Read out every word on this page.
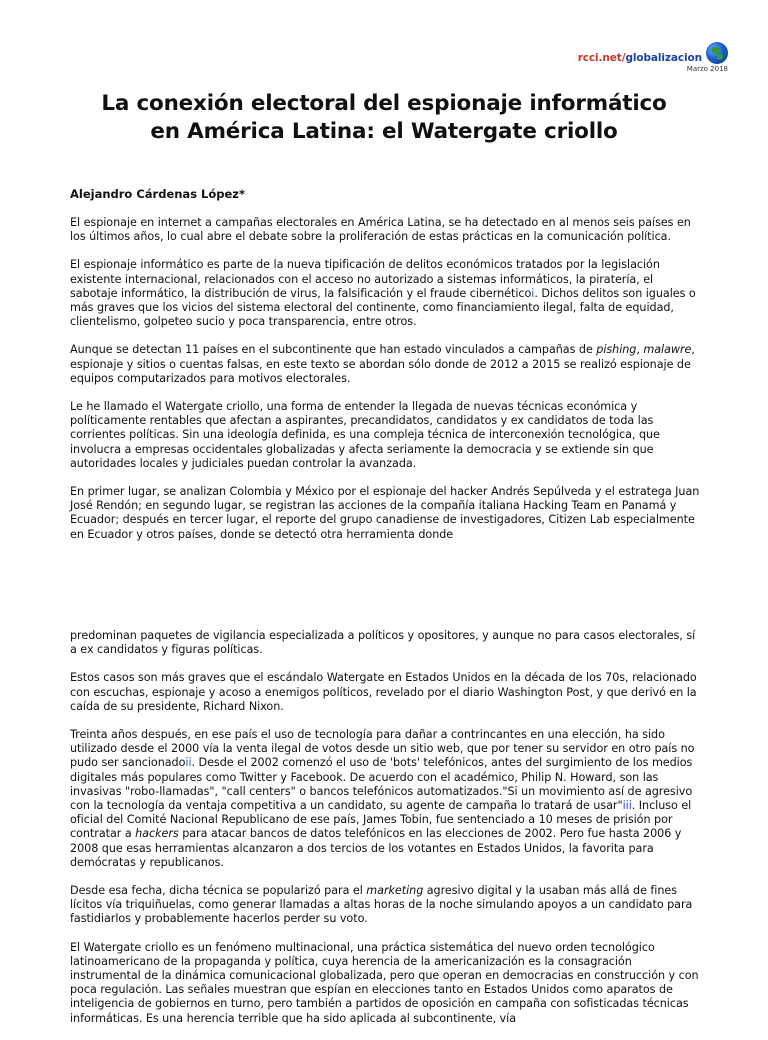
rcci.net/globalizacion
Marzo 2018
La conexión electoral del espionaje informático
en América Latina: el Watergate criollo

Alejandro Cárdenas López*

El espionaje en internet a campañas electorales en América Latina, se ha detectado en al menos seis países en los últimos años, lo cual abre el debate sobre la proliferación de estas prácticas en la comunicación política.

El espionaje informático es parte de la nueva tipificación de delitos económicos tratados por la legislación existente internacional, relacionados con el acceso no autorizado a sistemas informáticos, la piratería, el sabotaje informático, la distribución de virus, la falsificación y el fraude cibernéticoi. Dichos delitos son iguales o más graves que los vicios del sistema electoral del continente, como financiamiento ilegal, falta de equidad, clientelismo, golpeteo sucio y poca transparencia, entre otros.

Aunque se detectan 11 países en el subcontinente que han estado vinculados a campañas de pishing, malawre, espionaje y sitios o cuentas falsas, en este texto se abordan sólo donde de 2012 a 2015 se realizó espionaje de equipos computarizados para motivos electorales.

Le he llamado el Watergate criollo, una forma de entender la llegada de nuevas técnicas económica y políticamente rentables que afectan a aspirantes, precandidatos, candidatos y ex candidatos de toda las corrientes políticas. Sin una ideología definida, es una compleja técnica de interconexión tecnológica, que involucra a empresas occidentales globalizadas y afecta seriamente la democracia y se extiende sin que autoridades locales y judiciales puedan controlar la avanzada.

En primer lugar, se analizan Colombia y México por el espionaje del hacker Andrés Sepúlveda y el estratega Juan José Rendón; en segundo lugar, se registran las acciones de la compañía italiana Hacking Team en Panamá y Ecuador; después en tercer lugar, el reporte del grupo canadiense de investigadores, Citizen Lab especialmente en Ecuador y otros países, donde se detectó otra herramienta donde

predominan paquetes de vigilancia especializada a políticos y opositores, y aunque no para casos electorales, sí a ex candidatos y figuras políticas.

Estos casos son más graves que el escándalo Watergate en Estados Unidos en la década de los 70s, relacionado con escuchas, espionaje y acoso a enemigos políticos, revelado por el diario Washington Post, y que derivó en la caída de su presidente, Richard Nixon.

Treinta años después, en ese país el uso de tecnología para dañar a contrincantes en una elección, ha sido utilizado desde el 2000 vía la venta ilegal de votos desde un sitio web, que por tener su servidor en otro país no pudo ser sancionadoii. Desde el 2002 comenzó el uso de 'bots' telefónicos, antes del surgimiento de los medios digitales más populares como Twitter y Facebook. De acuerdo con el académico, Philip N. Howard, son las invasivas "robo-llamadas", "call centers" o bancos telefónicos automatizados."Si un movimiento así de agresivo con la tecnología da ventaja competitiva a un candidato, su agente de campaña lo tratará de usar"iii. Incluso el oficial del Comité Nacional Republicano de ese país, James Tobin, fue sentenciado a 10 meses de prisión por contratar a hackers para atacar bancos de datos telefónicos en las elecciones de 2002. Pero fue hasta 2006 y 2008 que esas herramientas alcanzaron a dos tercios de los votantes en Estados Unidos, la favorita para demócratas y republicanos.

Desde esa fecha, dicha técnica se popularizó para el marketing agresivo digital y la usaban más allá de fines lícitos vía triquiñuelas, como generar llamadas a altas horas de la noche simulando apoyos a un candidato para fastidiarlos y probablemente hacerlos perder su voto.

El Watergate criollo es un fenómeno multinacional, una práctica sistemática del nuevo orden tecnológico latinoamericano de la propaganda y política, cuya herencia de la americanización es la consagración instrumental de la dinámica comunicacional globalizada, pero que operan en democracias en construcción y con poca regulación. Las señales muestran que espían en elecciones tanto en Estados Unidos como aparatos de inteligencia de gobiernos en turno, pero también a partidos de oposición en campaña con sofisticadas técnicas informáticas. Es una herencia terrible que ha sido aplicada al subcontinente, vía
